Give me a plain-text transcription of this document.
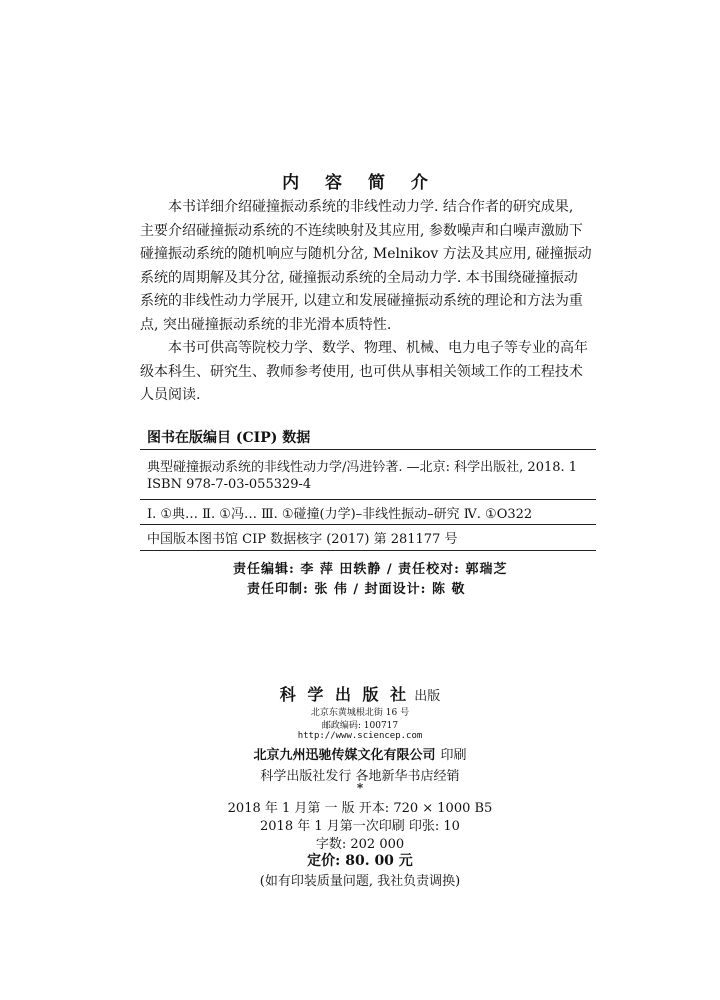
内 容 简 介
本书详细介绍碰撞振动系统的非线性动力学. 结合作者的研究成果,
主要介绍碰撞振动系统的不连续映射及其应用, 参数噪声和白噪声激励下
碰撞振动系统的随机响应与随机分岔, Melnikov 方法及其应用, 碰撞振动
系统的周期解及其分岔, 碰撞振动系统的全局动力学. 本书围绕碰撞振动
系统的非线性动力学展开, 以建立和发展碰撞振动系统的理论和方法为重
点, 突出碰撞振动系统的非光滑本质特性.
本书可供高等院校力学、数学、物理、机械、电力电子等专业的高年
级本科生、研究生、教师参考使用, 也可供从事相关领域工作的工程技术
人员阅读.
图书在版编目 (CIP) 数据
典型碰撞振动系统的非线性动力学/冯进钤著. —北京: 科学出版社, 2018. 1
ISBN 978-7-03-055329-4
Ⅰ. ①典… Ⅱ. ①冯… Ⅲ. ①碰撞(力学)–非线性振动–研究 Ⅳ. ①O322
中国版本图书馆 CIP 数据核字 (2017) 第 281177 号
责任编辑: 李 萍 田轶静 / 责任校对: 郭瑞芝
责任印制: 张 伟 / 封面设计: 陈 敬
科 学 出 版 社 出版
北京东黄城根北街 16 号
邮政编码: 100717
http://www.sciencep.com
北京九州迅驰传媒文化有限公司 印刷
科学出版社发行 各地新华书店经销
*
2018 年 1 月第 一 版 开本: 720 × 1000 B5
2018 年 1 月第一次印刷 印张: 10
字数: 202 000
定价: 80. 00 元
(如有印装质量问题, 我社负责调换)
